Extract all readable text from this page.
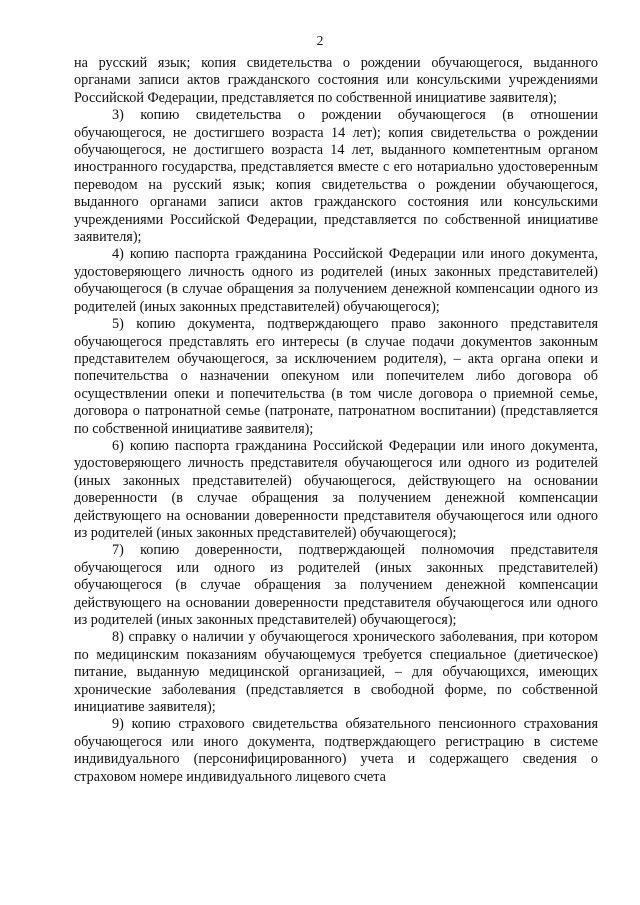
2

на русский язык; копия свидетельства о рождении обучающегося, выданного органами записи актов гражданского состояния или консульскими учреждениями Российской Федерации, представляется по собственной инициативе заявителя);

3) копию свидетельства о рождении обучающегося (в отношении обучающегося, не достигшего возраста 14 лет); копия свидетельства о рождении обучающегося, не достигшего возраста 14 лет, выданного компетентным органом иностранного государства, представляется вместе с его нотариально удостоверенным переводом на русский язык; копия свидетельства о рождении обучающегося, выданного органами записи актов гражданского состояния или консульскими учреждениями Российской Федерации, представляется по собственной инициативе заявителя);

4) копию паспорта гражданина Российской Федерации или иного документа, удостоверяющего личность одного из родителей (иных законных представителей) обучающегося (в случае обращения за получением денежной компенсации одного из родителей (иных законных представителей) обучающегося);

5) копию документа, подтверждающего право законного представителя обучающегося представлять его интересы (в случае подачи документов законным представителем обучающегося, за исключением родителя), – акта органа опеки и попечительства о назначении опекуном или попечителем либо договора об осуществлении опеки и попечительства (в том числе договора о приемной семье, договора о патронатной семье (патронате, патронатном воспитании) (представляется по собственной инициативе заявителя);

6) копию паспорта гражданина Российской Федерации или иного документа, удостоверяющего личность представителя обучающегося или одного из родителей (иных законных представителей) обучающегося, действующего на основании доверенности (в случае обращения за получением денежной компенсации действующего на основании доверенности представителя обучающегося или одного из родителей (иных законных представителей) обучающегося);

7) копию доверенности, подтверждающей полномочия представителя обучающегося или одного из родителей (иных законных представителей) обучающегося (в случае обращения за получением денежной компенсации действующего на основании доверенности представителя обучающегося или одного из родителей (иных законных представителей) обучающегося);

8) справку о наличии у обучающегося хронического заболевания, при котором по медицинским показаниям обучающемуся требуется специальное (диетическое) питание, выданную медицинской организацией, – для обучающихся, имеющих хронические заболевания (представляется в свободной форме, по собственной инициативе заявителя);

9) копию страхового свидетельства обязательного пенсионного страхования обучающегося или иного документа, подтверждающего регистрацию в системе индивидуального (персонифицированного) учета и содержащего сведения о страховом номере индивидуального лицевого счета
